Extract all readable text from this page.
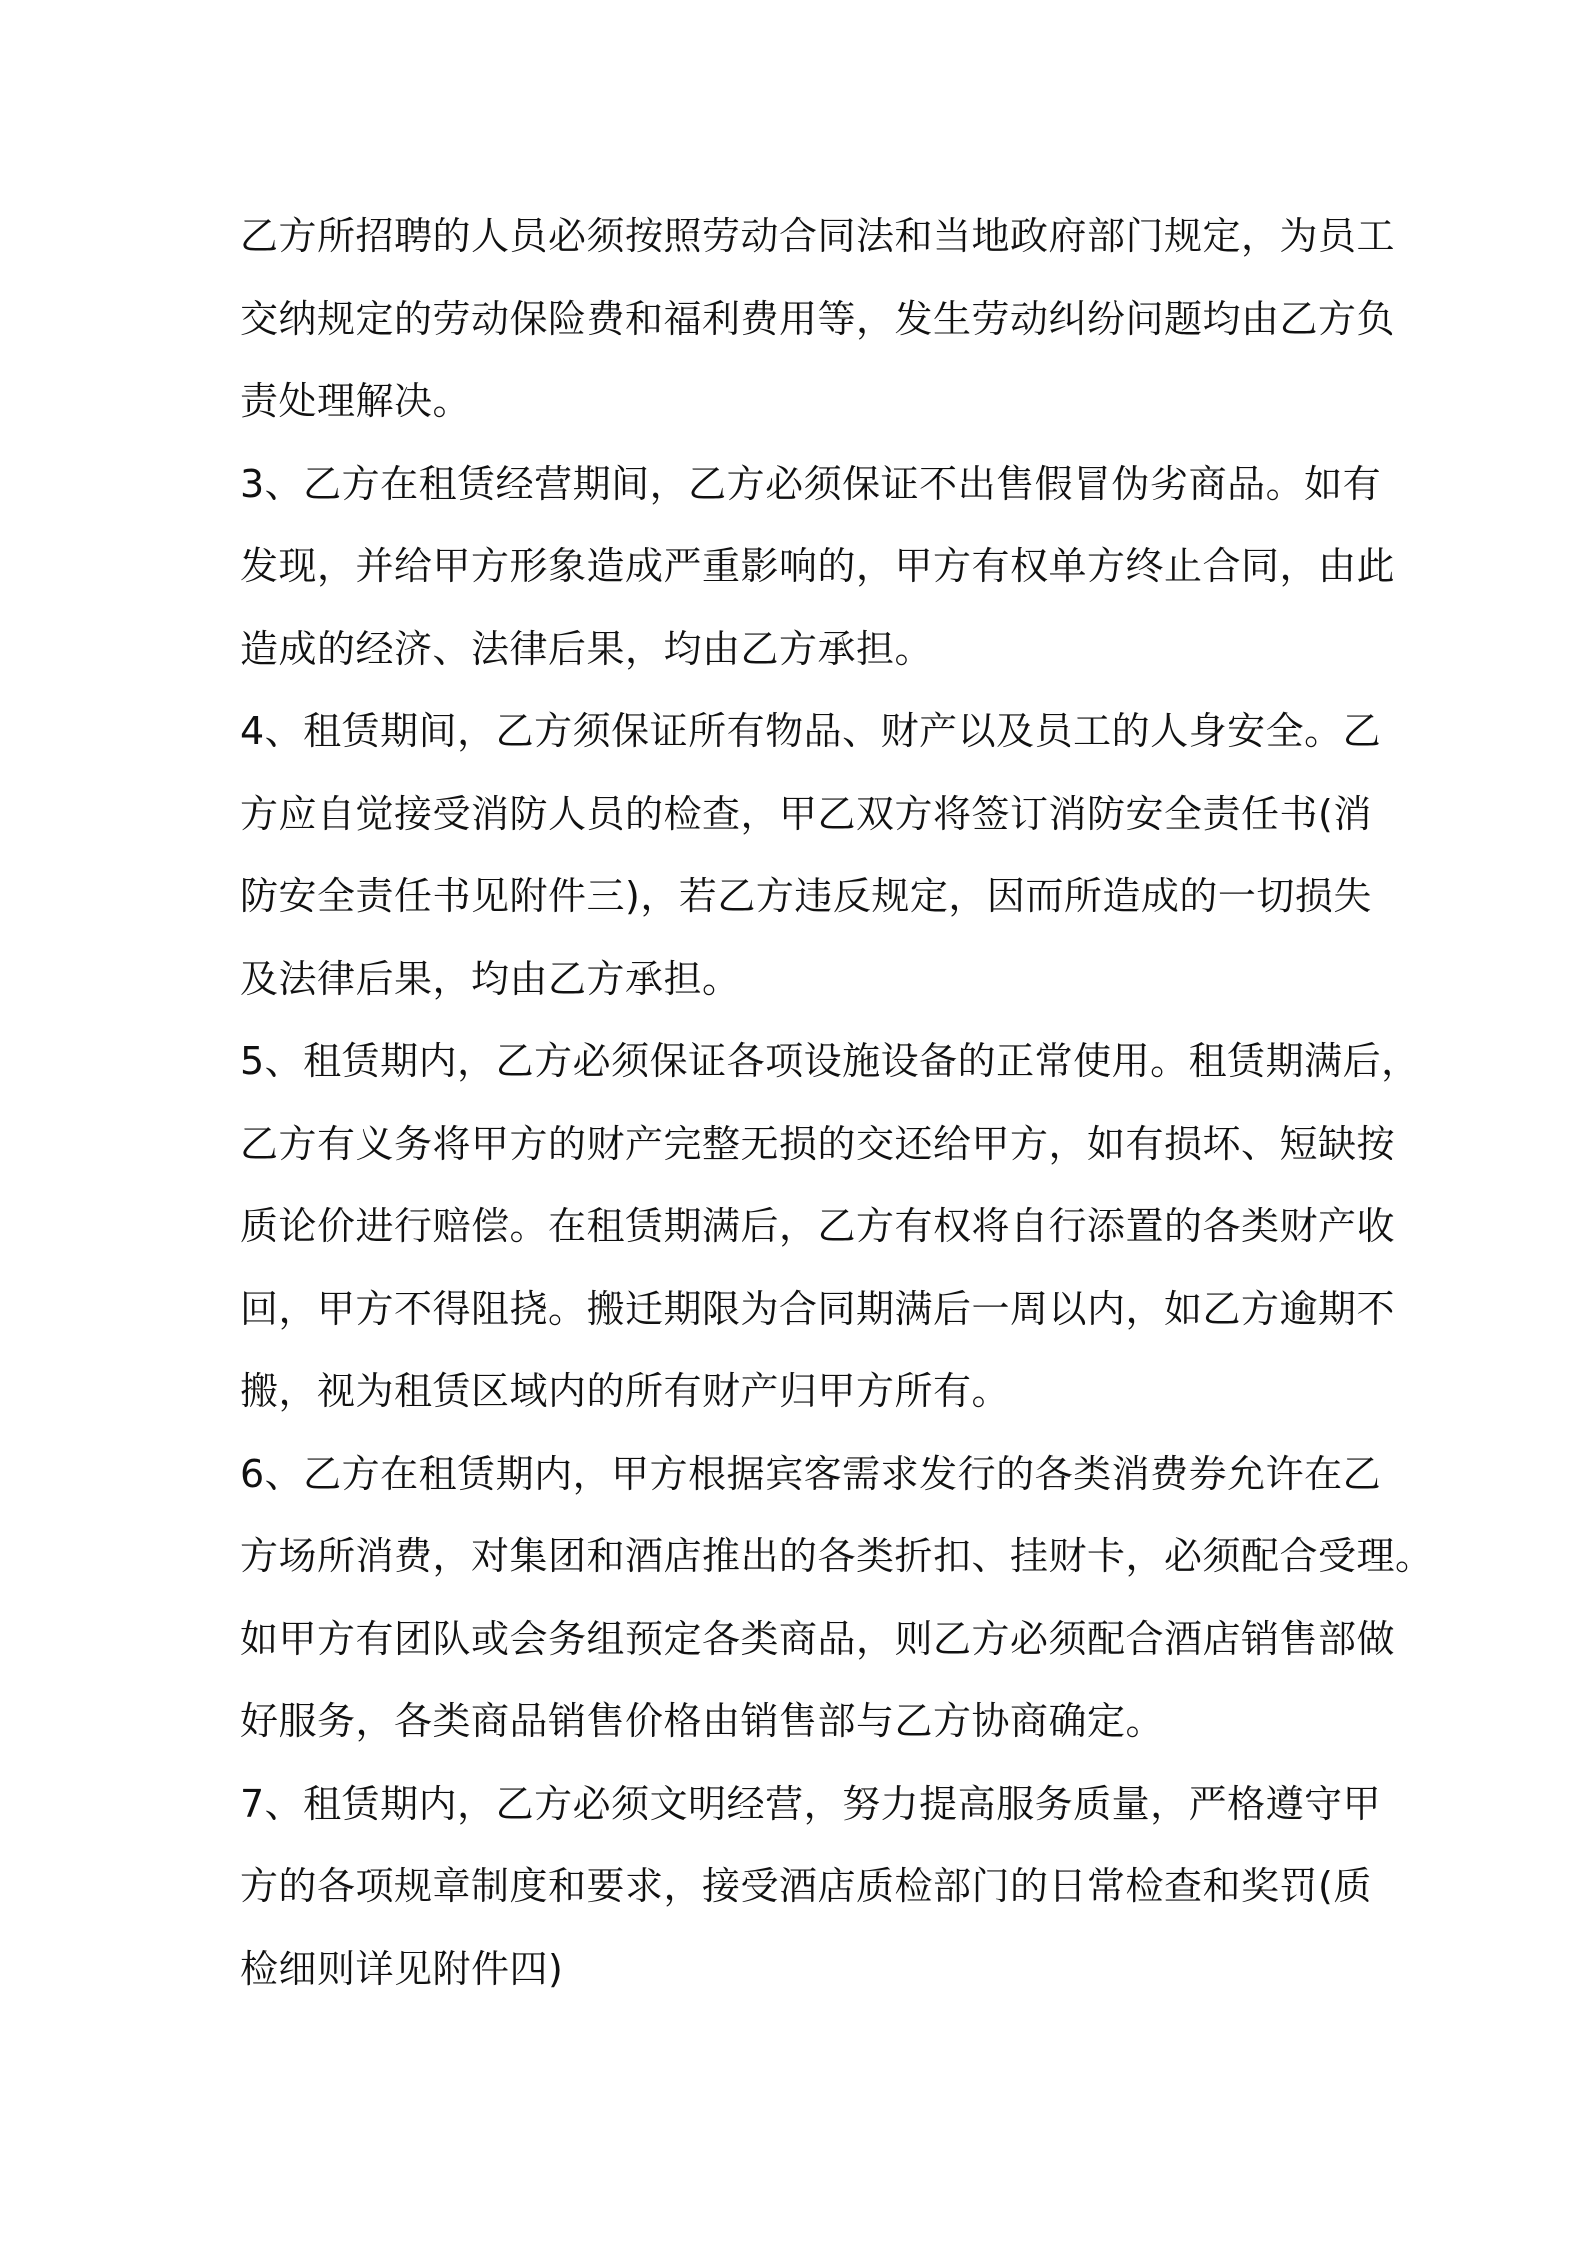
乙方所招聘的人员必须按照劳动合同法和当地政府部门规定，为员工
交纳规定的劳动保险费和福利费用等，发生劳动纠纷问题均由乙方负
责处理解决。
3、乙方在租赁经营期间，乙方必须保证不出售假冒伪劣商品。如有
发现，并给甲方形象造成严重影响的，甲方有权单方终止合同，由此
造成的经济、法律后果，均由乙方承担。
4、租赁期间，乙方须保证所有物品、财产以及员工的人身安全。乙
方应自觉接受消防人员的检查，甲乙双方将签订消防安全责任书(消
防安全责任书见附件三)，若乙方违反规定，因而所造成的一切损失
及法律后果，均由乙方承担。
5、租赁期内，乙方必须保证各项设施设备的正常使用。租赁期满后，
乙方有义务将甲方的财产完整无损的交还给甲方，如有损坏、短缺按
质论价进行赔偿。在租赁期满后，乙方有权将自行添置的各类财产收
回，甲方不得阻挠。搬迁期限为合同期满后一周以内，如乙方逾期不
搬，视为租赁区域内的所有财产归甲方所有。
6、乙方在租赁期内，甲方根据宾客需求发行的各类消费券允许在乙
方场所消费，对集团和酒店推出的各类折扣、挂财卡，必须配合受理。
如甲方有团队或会务组预定各类商品，则乙方必须配合酒店销售部做
好服务，各类商品销售价格由销售部与乙方协商确定。
7、租赁期内，乙方必须文明经营，努力提高服务质量，严格遵守甲
方的各项规章制度和要求，接受酒店质检部门的日常检查和奖罚(质
检细则详见附件四)
